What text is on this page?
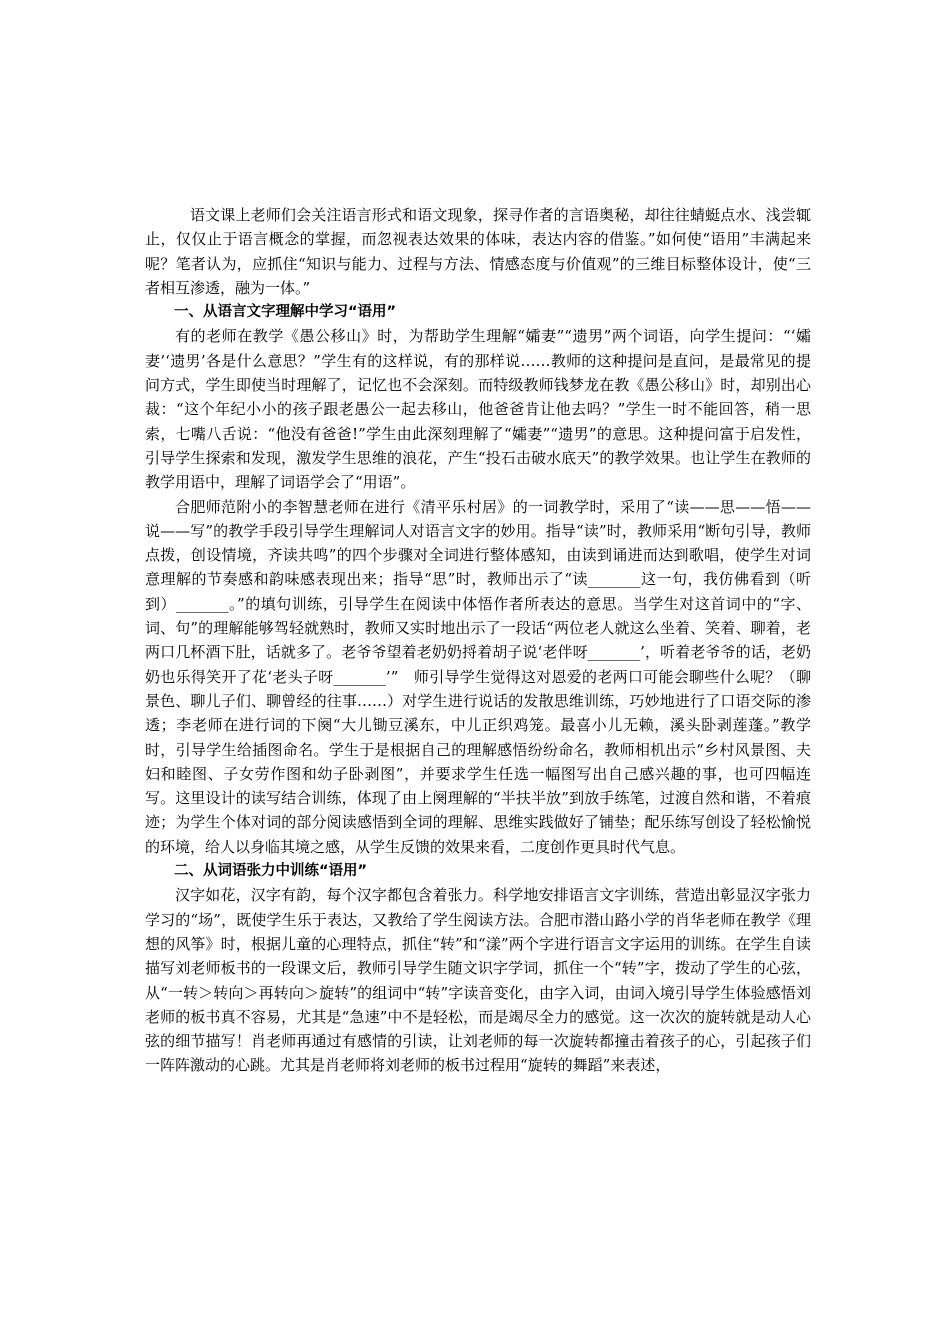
语文课上老师们会关注语言形式和语文现象，探寻作者的言语奥秘，却往往蜻蜓点水、浅尝辄止，仅仅止于语言概念的掌握，而忽视表达效果的体味，表达内容的借鉴。”如何使“语用”丰满起来呢？笔者认为，应抓住“知识与能力、过程与方法、情感态度与价值观”的三维目标整体设计，使“三者相互渗透，融为一体。”

一、从语言文字理解中学习“语用”

有的老师在教学《愚公移山》时，为帮助学生理解“孀妻”“遗男”两个词语，向学生提问：“‘孀妻’‘遗男’各是什么意思？”学生有的这样说，有的那样说……教师的这种提问是直问，是最常见的提问方式，学生即使当时理解了，记忆也不会深刻。而特级教师钱梦龙在教《愚公移山》时，却别出心裁：“这个年纪小小的孩子跟老愚公一起去移山，他爸爸肯让他去吗？”学生一时不能回答，稍一思索，七嘴八舌说：“他没有爸爸!”学生由此深刻理解了“孀妻”“遗男”的意思。这种提问富于启发性，引导学生探索和发现，激发学生思维的浪花，产生“投石击破水底天”的教学效果。也让学生在教师的教学用语中，理解了词语学会了“用语”。

合肥师范附小的李智慧老师在进行《清平乐村居》的一词教学时，采用了“读——思——悟——说——写”的教学手段引导学生理解词人对语言文字的妙用。指导“读”时，教师采用“断句引导，教师点拨，创设情境，齐读共鸣”的四个步骤对全词进行整体感知，由读到诵进而达到歌唱，使学生对词意理解的节奏感和韵味感表现出来；指导“思”时，教师出示了“读_______这一句，我仿佛看到（听到）_______。”的填句训练，引导学生在阅读中体悟作者所表达的意思。当学生对这首词中的“字、词、句”的理解能够驾轻就熟时，教师又实时地出示了一段话“两位老人就这么坐着、笑着、聊着，老两口几杯酒下肚，话就多了。老爷爷望着老奶奶捋着胡子说‘老伴呀_______’，听着老爷爷的话，老奶奶也乐得笑开了花‘老头子呀_______’”　师引导学生觉得这对恩爱的老两口可能会聊些什么呢？（聊景色、聊儿子们、聊曾经的往事……）对学生进行说话的发散思维训练，巧妙地进行了口语交际的渗透；李老师在进行词的下阕“大儿锄豆溪东，中儿正织鸡笼。最喜小儿无赖，溪头卧剥莲蓬。”教学时，引导学生给插图命名。学生于是根据自己的理解感悟纷纷命名，教师相机出示“乡村风景图、夫妇和睦图、子女劳作图和幼子卧剥图”，并要求学生任选一幅图写出自己感兴趣的事，也可四幅连写。这里设计的读写结合训练，体现了由上阕理解的“半扶半放”到放手练笔，过渡自然和谐，不着痕迹；为学生个体对词的部分阅读感悟到全词的理解、思维实践做好了铺垫；配乐练写创设了轻松愉悦的环境，给人以身临其境之感，从学生反馈的效果来看，二度创作更具时代气息。

二、从词语张力中训练“语用”

汉字如花，汉字有韵，每个汉字都包含着张力。科学地安排语言文字训练，营造出彰显汉字张力学习的“场”，既使学生乐于表达，又教给了学生阅读方法。合肥市潜山路小学的肖华老师在教学《理想的风筝》时，根据儿童的心理特点，抓住“转”和“漾”两个字进行语言文字运用的训练。在学生自读描写刘老师板书的一段课文后，教师引导学生随文识字学词，抓住一个“转”字，拨动了学生的心弦，从“一转＞转向＞再转向＞旋转”的组词中“转”字读音变化，由字入词，由词入境引导学生体验感悟刘老师的板书真不容易，尤其是“急速”中不是轻松，而是竭尽全力的感觉。这一次次的旋转就是动人心弦的细节描写！肖老师再通过有感情的引读，让刘老师的每一次旋转都撞击着孩子的心，引起孩子们一阵阵激动的心跳。尤其是肖老师将刘老师的板书过程用“旋转的舞蹈”来表述，
